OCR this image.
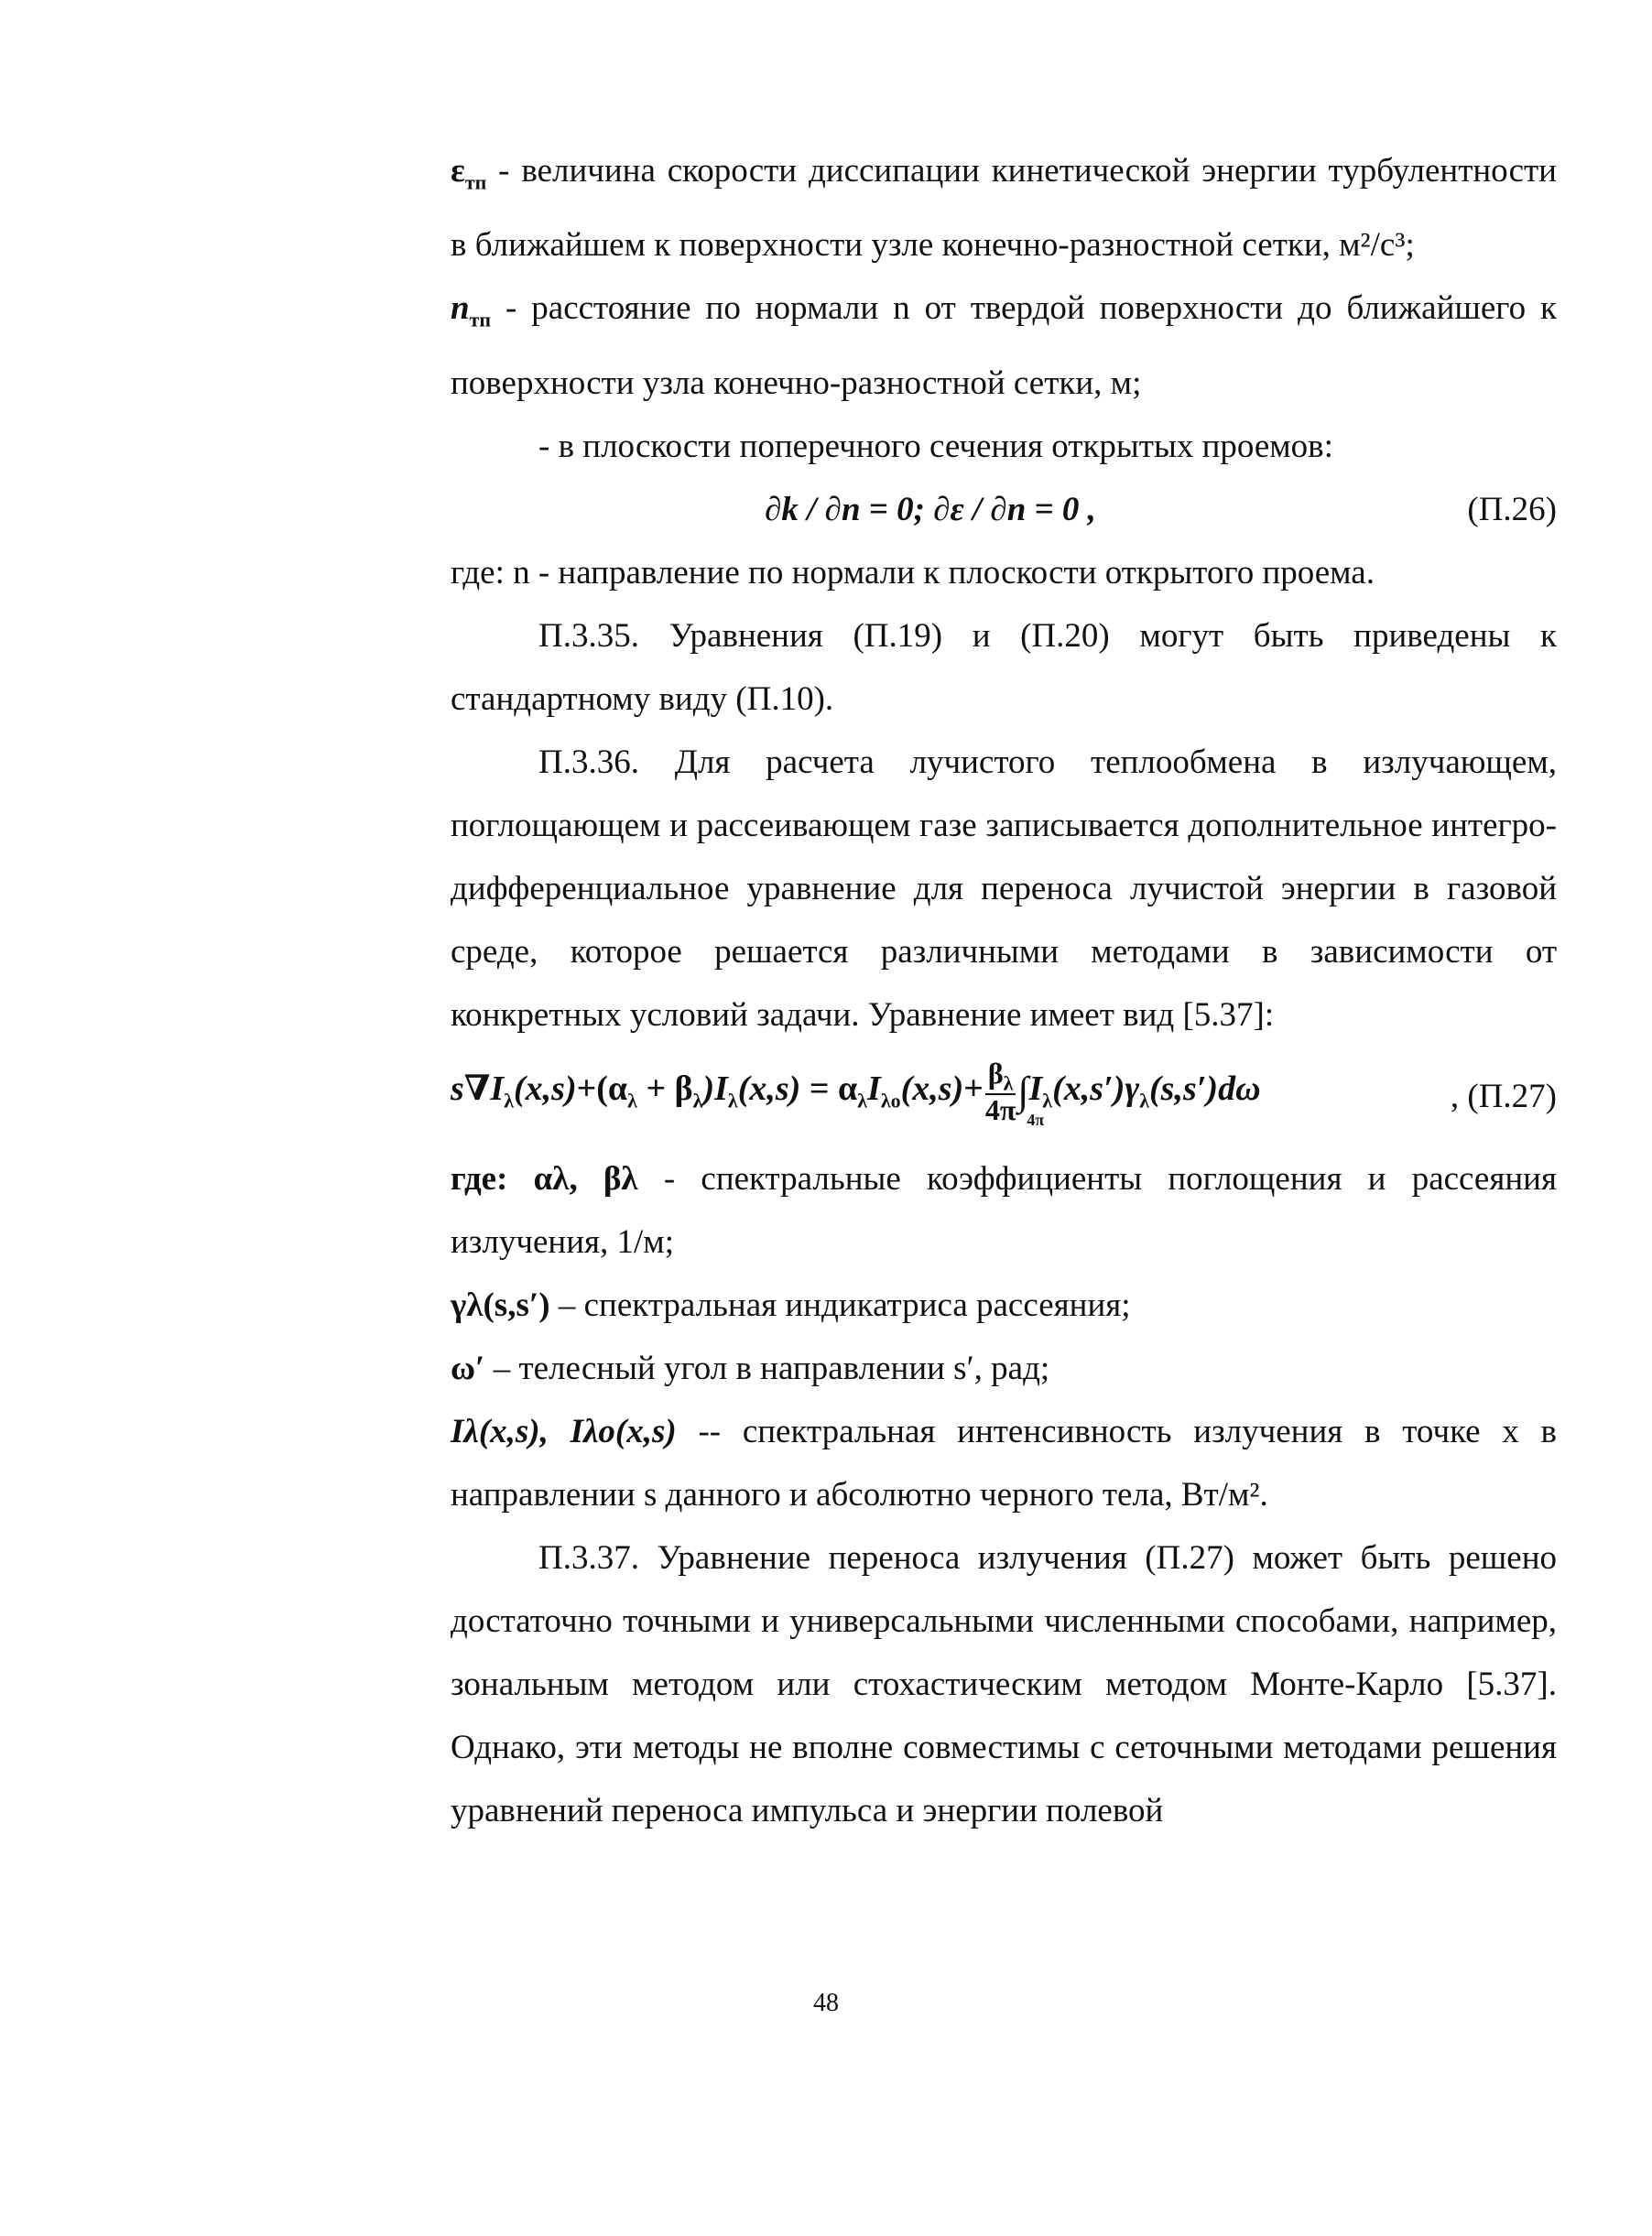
$\varepsilon_{тп}$ - величина скорости диссипации кинетической энергии турбулентности в ближайшем к поверхности узле конечно-разностной сетки, м²/с³;

$n_{тп}$ - расстояние по нормали n от твердой поверхности до ближайшего к поверхности узла конечно-разностной сетки, м;

- в плоскости поперечного сечения открытых проемов:

∂k / ∂n = 0; ∂ε / ∂n = 0 ,	(П.26)

где: n - направление по нормали к плоскости открытого проема.

П.3.35. Уравнения (П.19) и (П.20) могут быть приведены к стандартному виду (П.10).

П.3.36. Для расчета лучистого теплообмена в излучающем, поглощающем и рассеивающем газе записывается дополнительное интегро-дифференциальное уравнение для переноса лучистой энергии в газовой среде, которое решается различными методами в зависимости от конкретных условий задачи. Уравнение имеет вид [5.37]:

$s\nabla I_\lambda(x,s)+(\alpha_\lambda + \beta_\lambda)I_\lambda(x,s) = \alpha_\lambda I_{\lambda o}(x,s)+ \frac{\beta_\lambda}{4\pi}$ ∫
4π
$I_\lambda(x,s')\gamma_\lambda(s,s')d\omega$	, (П.27)

где: αλ, βλ - спектральные коэффициенты поглощения и рассеяния излучения, 1/м;

γλ(s,s′) – спектральная индикатриса рассеяния;

ω′ – телесный угол в направлении s′, рад;

Iλ(x,s), Iλo(x,s) -- спектральная интенсивность излучения в точке x в направлении s данного и абсолютно черного тела, Вт/м².

П.3.37. Уравнение переноса излучения (П.27) может быть решено достаточно точными и универсальными численными способами, например, зональным методом или стохастическим методом Монте-Карло [5.37]. Однако, эти методы не вполне совместимы с сеточными методами решения уравнений переноса импульса и энергии полевой

48
